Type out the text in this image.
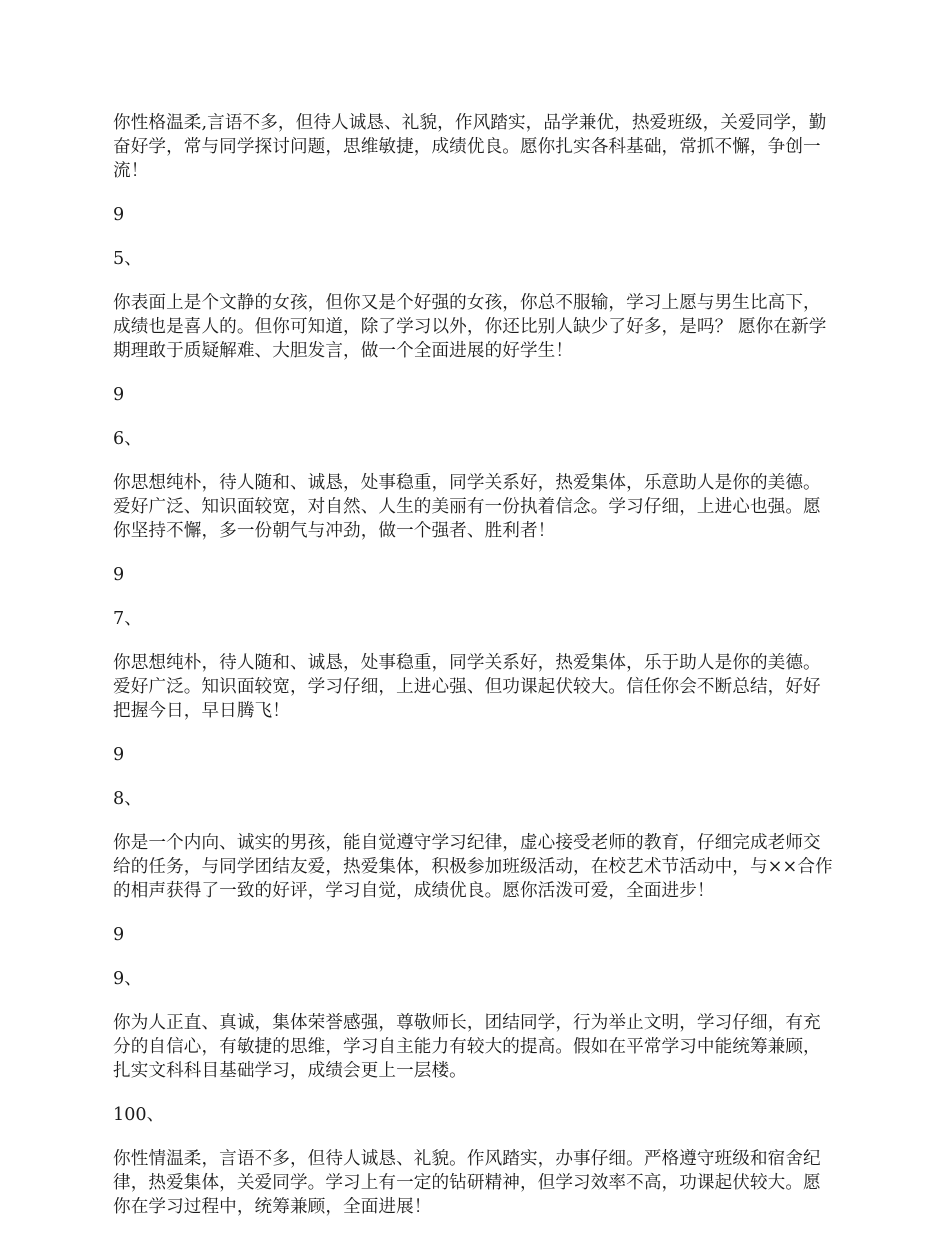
你性格温柔,言语不多，但待人诚恳、礼貌，作风踏实，品学兼优，热爱班级，关爱同学，勤奋好学，常与同学探讨问题，思维敏捷，成绩优良。愿你扎实各科基础，常抓不懈，争创一流！

9

5、

你表面上是个文静的女孩，但你又是个好强的女孩，你总不服输，学习上愿与男生比高下，成绩也是喜人的。但你可知道，除了学习以外，你还比别人缺少了好多，是吗？ 愿你在新学期理敢于质疑解难、大胆发言，做一个全面进展的好学生！

9

6、

你思想纯朴，待人随和、诚恳，处事稳重，同学关系好，热爱集体，乐意助人是你的美德。爱好广泛、知识面较宽，对自然、人生的美丽有一份执着信念。学习仔细，上进心也强。愿你坚持不懈，多一份朝气与冲劲，做一个强者、胜利者！

9

7、

你思想纯朴，待人随和、诚恳，处事稳重，同学关系好，热爱集体，乐于助人是你的美德。爱好广泛。知识面较宽，学习仔细，上进心强、但功课起伏较大。信任你会不断总结，好好把握今日，早日腾飞！

9

8、

你是一个内向、诚实的男孩，能自觉遵守学习纪律，虚心接受老师的教育，仔细完成老师交给的任务，与同学团结友爱，热爱集体，积极参加班级活动，在校艺术节活动中，与××合作的相声获得了一致的好评，学习自觉，成绩优良。愿你活泼可爱，全面进步！

9

9、

你为人正直、真诚，集体荣誉感强，尊敬师长，团结同学，行为举止文明，学习仔细，有充分的自信心，有敏捷的思维，学习自主能力有较大的提高。假如在平常学习中能统筹兼顾，扎实文科科目基础学习，成绩会更上一层楼。

100、

你性情温柔，言语不多，但待人诚恳、礼貌。作风踏实，办事仔细。严格遵守班级和宿舍纪律，热爱集体，关爱同学。学习上有一定的钻研精神，但学习效率不高，功课起伏较大。愿你在学习过程中，统筹兼顾，全面进展！
